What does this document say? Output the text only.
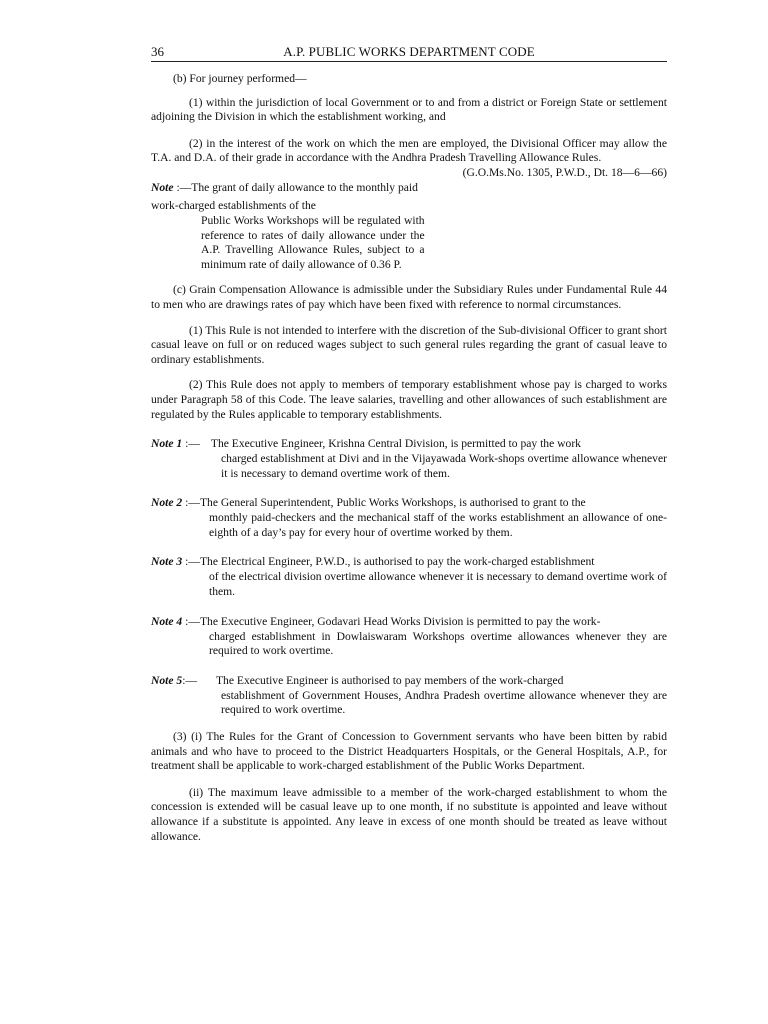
36	A.P. PUBLIC WORKS DEPARTMENT CODE

(b) For journey performed—

(1) within the jurisdiction of local Government or to and from a district or Foreign State or settlement adjoining the Division in which the establishment working, and

(2) in the interest of the work on which the men are employed, the Divisional Officer may allow the T.A. and D.A. of their grade in accordance with the Andhra Pradesh Travelling Allowance Rules.
(G.O.Ms.No. 1305, P.W.D., Dt. 18—6—66)

Note :—The grant of daily allowance to the monthly paid work-charged establishments of the
Public Works Workshops will be regulated with reference to rates of daily allowance under the A.P. Travelling Allowance Rules, subject to a minimum rate of daily allowance of 0.36 P.

(c) Grain Compensation Allowance is admissible under the Subsidiary Rules under Fundamental Rule 44 to men who are drawings rates of pay which have been fixed with reference to normal circumstances.

(1) This Rule is not intended to interfere with the discretion of the Sub-divisional Officer to grant short casual leave on full or on reduced wages subject to such general rules regarding the grant of casual leave to ordinary establishments.

(2) This Rule does not apply to members of temporary establishment whose pay is charged to works under Paragraph 58 of this Code. The leave salaries, travelling and other allowances of such establishment are regulated by the Rules applicable to temporary establishments.

Note 1 :—   The Executive Engineer, Krishna Central Division, is permitted to pay the work
charged establishment at Divi and in the Vijayawada Work-shops overtime allowance whenever it is necessary to demand overtime work of them.
Note 2 :—The General Superintendent, Public Works Workshops, is authorised to grant to the
monthly paid-checkers and the mechanical staff of the works establishment an allowance of one-eighth of a day’s pay for every hour of overtime worked by them.
Note 3 :—The Electrical Engineer, P.W.D., is authorised to pay the work-charged establishment
of the electrical division overtime allowance whenever it is necessary to demand overtime work of them.
Note 4 :—The Executive Engineer, Godavari Head Works Division is permitted to pay the work-
charged establishment in Dowlaiswaram Workshops overtime allowances whenever they are required to work overtime.
Note 5:—     The Executive Engineer is authorised to pay members of the work-charged
establishment of Government Houses, Andhra Pradesh overtime allowance whenever they are required to work overtime.

(3) (i) The Rules for the Grant of Concession to Government servants who have been bitten by rabid animals and who have to proceed to the District Headquarters Hospitals, or the General Hospitals, A.P., for treatment shall be applicable to work-charged establishment of the Public Works Department.

(ii) The maximum leave admissible to a member of the work-charged establishment to whom the concession is extended will be casual leave up to one month, if no substitute is appointed and leave without allowance if a substitute is appointed. Any leave in excess of one month should be treated as leave without allowance.
